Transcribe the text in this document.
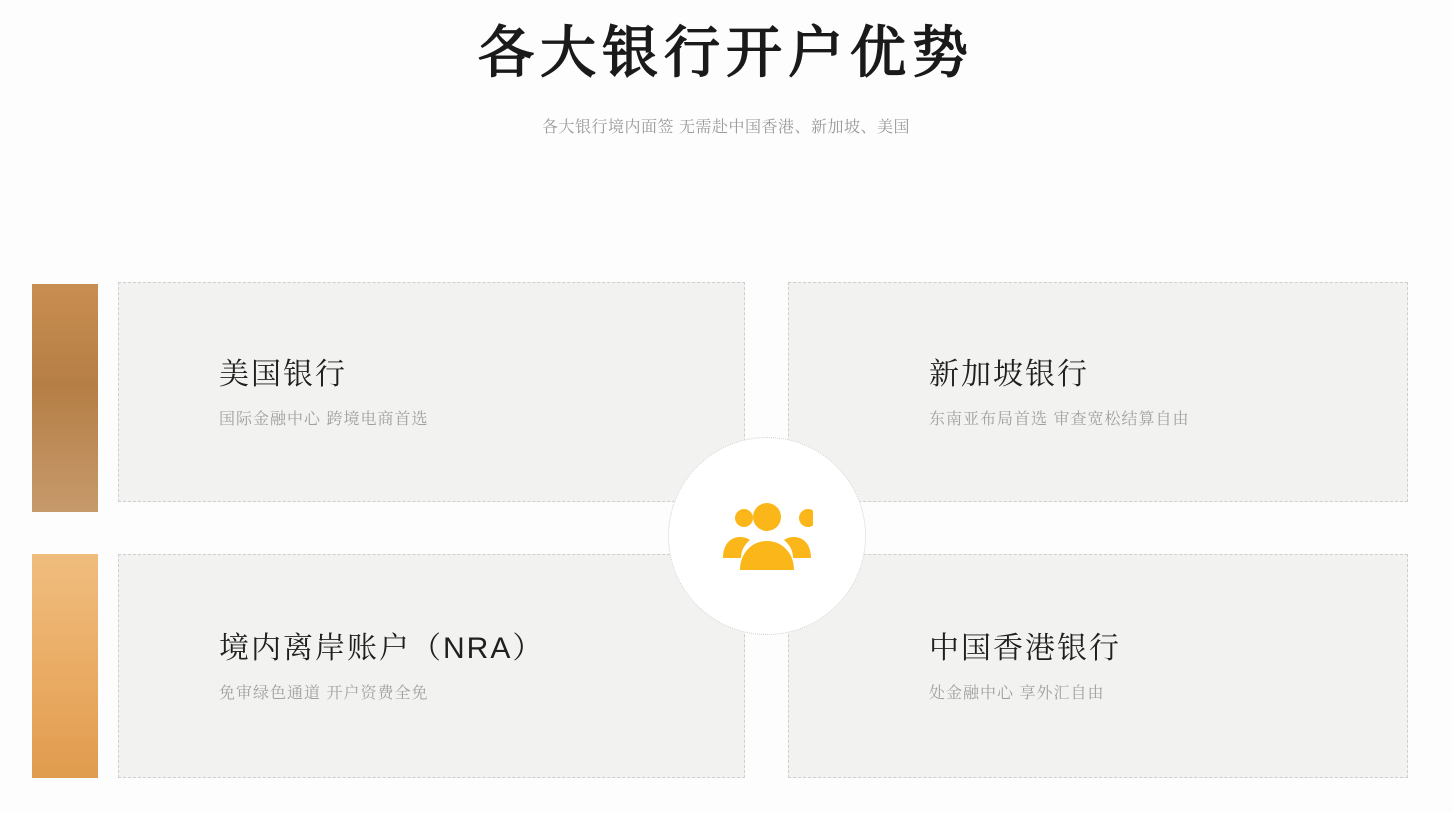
各大银行开户优势
各大银行境内面签 无需赴中国香港、新加坡、美国
美国银行
国际金融中心 跨境电商首选
新加坡银行
东南亚布局首选 审查宽松结算自由
境内离岸账户（NRA）
免审绿色通道 开户资费全免
中国香港银行
处金融中心 享外汇自由
